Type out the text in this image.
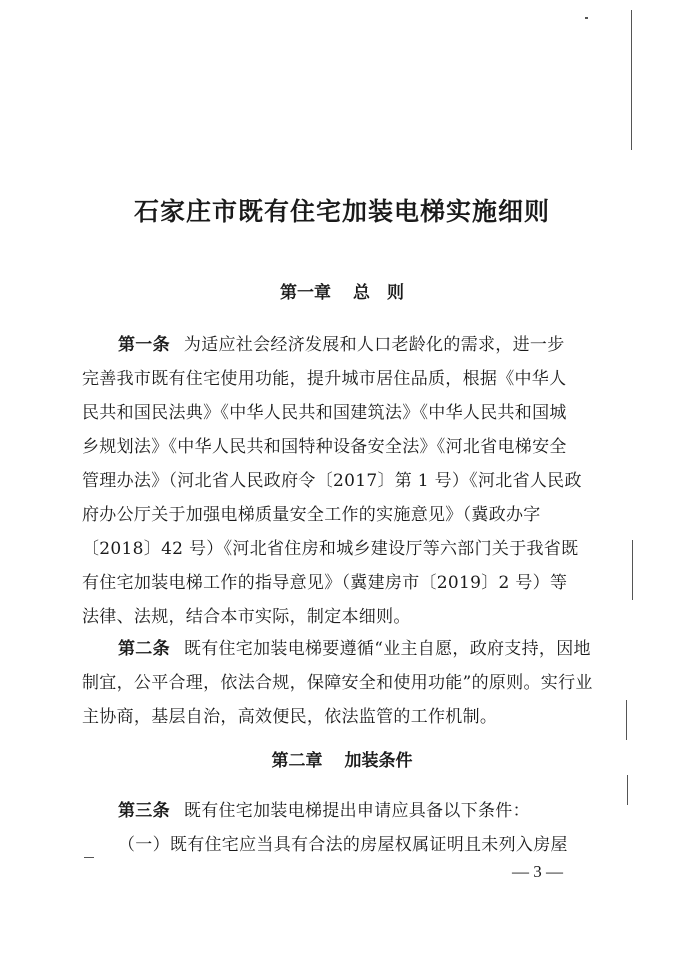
石家庄市既有住宅加装电梯实施细则
第一章 总　则
第一条 为适应社会经济发展和人口老龄化的需求，进一步
完善我市既有住宅使用功能，提升城市居住品质，根据《中华人
民共和国民法典》《中华人民共和国建筑法》《中华人民共和国城
乡规划法》《中华人民共和国特种设备安全法》《河北省电梯安全
管理办法》（河北省人民政府令〔2017〕第 1 号）《河北省人民政
府办公厅关于加强电梯质量安全工作的实施意见》（冀政办字
〔2018〕42 号）《河北省住房和城乡建设厅等六部门关于我省既
有住宅加装电梯工作的指导意见》（冀建房市〔2019〕2 号）等
法律、法规，结合本市实际，制定本细则。
第二条 既有住宅加装电梯要遵循“业主自愿，政府支持，因地
制宜，公平合理，依法合规，保障安全和使用功能”的原则。实行业
主协商，基层自治，高效便民，依法监管的工作机制。
第二章 加装条件
第三条 既有住宅加装电梯提出申请应具备以下条件：
（一）既有住宅应当具有合法的房屋权属证明且未列入房屋
— 3 —
